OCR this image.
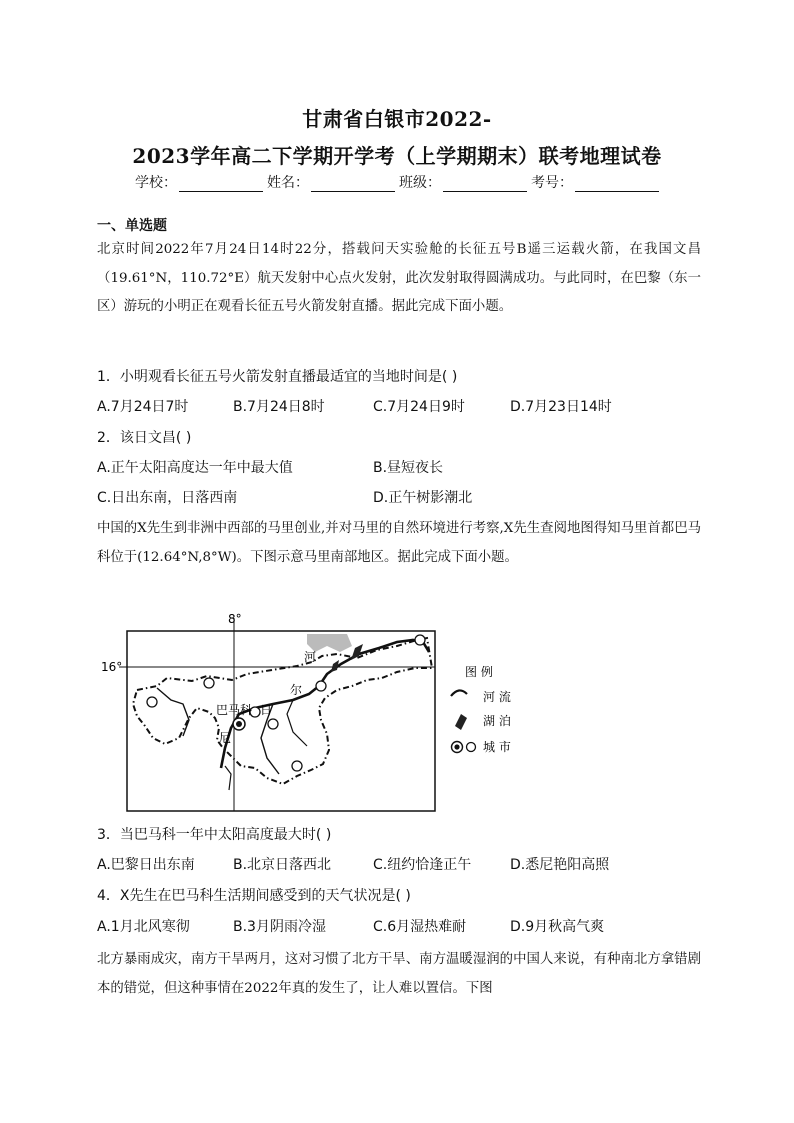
甘肃省白银市2022-
2023学年高二下学期开学考（上学期期末）联考地理试卷
学校：	姓名：	班级：	考号：
一、单选题
北京时间2022年7月24日14时22分，搭载问天实验舱的长征五号B遥三运载火箭，在我国文昌（19.61°N，110.72°E）航天发射中心点火发射，此次发射取得圆满成功。与此同时，在巴黎（东一区）游玩的小明正在观看长征五号火箭发射直播。据此完成下面小题。
1．小明观看长征五号火箭发射直播最适宜的当地时间是( )
A.7月24日7时	B.7月24日8时	C.7月24日9时	D.7月23日14时
2．该日文昌( )
A.正午太阳高度达一年中最大值	B.昼短夜长
C.日出东南，日落西南	D.正午树影潮北
中国的X先生到非洲中西部的马里创业,并对马里的自然环境进行考察,X先生查阅地图得知马里首都巴马科位于(12.64°N,8°W)。下图示意马里南部地区。据此完成下面小题。
8°
16°
巴马科
河
尔
日
尼
图 例
河 流
湖 泊
城 市
3．当巴马科一年中太阳高度最大时( )
A.巴黎日出东南	B.北京日落西北	C.纽约恰逢正午	D.悉尼艳阳高照
4．X先生在巴马科生活期间感受到的天气状况是( )
A.1月北风寒彻	B.3月阴雨冷湿	C.6月湿热难耐	D.9月秋高气爽
北方暴雨成灾，南方干旱两月，这对习惯了北方干旱、南方温暖湿润的中国人来说，有种南北方拿错剧本的错觉，但这种事情在2022年真的发生了，让人难以置信。下图
